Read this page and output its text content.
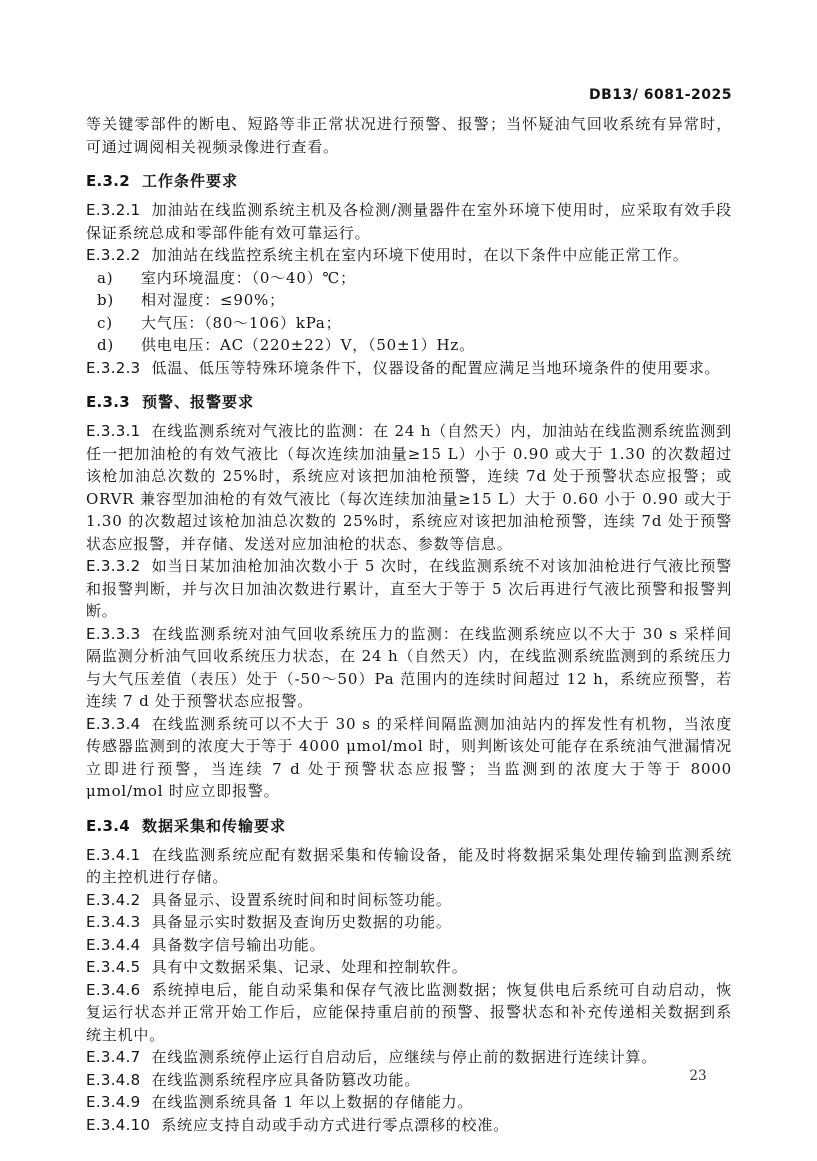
DB13/ 6081-2025

等关键零部件的断电、短路等非正常状况进行预警、报警；当怀疑油气回收系统有异常时，可通过调阅相关视频录像进行查看。

E.3.2 工作条件要求

E.3.2.1 加油站在线监测系统主机及各检测/测量器件在室外环境下使用时，应采取有效手段保证系统总成和零部件能有效可靠运行。

E.3.2.2 加油站在线监控系统主机在室内环境下使用时，在以下条件中应能正常工作。

a)	室内环境温度：（0～40）℃；
b)	相对湿度：≤90%；
c)	大气压：（80～106）kPa；
d)	供电电压：AC（220±22）V，（50±1）Hz。

E.3.2.3 低温、低压等特殊环境条件下，仪器设备的配置应满足当地环境条件的使用要求。

E.3.3 预警、报警要求

E.3.3.1 在线监测系统对气液比的监测：在 24 h（自然天）内，加油站在线监测系统监测到任一把加油枪的有效气液比（每次连续加油量≥15 L）小于 0.90 或大于 1.30 的次数超过该枪加油总次数的 25%时，系统应对该把加油枪预警，连续 7d 处于预警状态应报警；或 ORVR 兼容型加油枪的有效气液比（每次连续加油量≥15 L）大于 0.60 小于 0.90 或大于 1.30 的次数超过该枪加油总次数的 25%时，系统应对该把加油枪预警，连续 7d 处于预警状态应报警，并存储、发送对应加油枪的状态、参数等信息。

E.3.3.2 如当日某加油枪加油次数小于 5 次时，在线监测系统不对该加油枪进行气液比预警和报警判断，并与次日加油次数进行累计，直至大于等于 5 次后再进行气液比预警和报警判断。

E.3.3.3 在线监测系统对油气回收系统压力的监测：在线监测系统应以不大于 30 s 采样间隔监测分析油气回收系统压力状态，在 24 h（自然天）内，在线监测系统监测到的系统压力与大气压差值（表压）处于（-50～50）Pa 范围内的连续时间超过 12 h，系统应预警，若连续 7 d 处于预警状态应报警。

E.3.3.4 在线监测系统可以不大于 30 s 的采样间隔监测加油站内的挥发性有机物，当浓度传感器监测到的浓度大于等于 4000 μmol/mol 时，则判断该处可能存在系统油气泄漏情况立即进行预警，当连续 7 d 处于预警状态应报警；当监测到的浓度大于等于 8000 μmol/mol 时应立即报警。

E.3.4 数据采集和传输要求

E.3.4.1 在线监测系统应配有数据采集和传输设备，能及时将数据采集处理传输到监测系统的主控机进行存储。

E.3.4.2 具备显示、设置系统时间和时间标签功能。

E.3.4.3 具备显示实时数据及查询历史数据的功能。

E.3.4.4 具备数字信号输出功能。

E.3.4.5 具有中文数据采集、记录、处理和控制软件。

E.3.4.6 系统掉电后，能自动采集和保存气液比监测数据；恢复供电后系统可自动启动，恢复运行状态并正常开始工作后，应能保持重启前的预警、报警状态和补充传递相关数据到系统主机中。

E.3.4.7 在线监测系统停止运行自启动后，应继续与停止前的数据进行连续计算。

E.3.4.8 在线监测系统程序应具备防篡改功能。

E.3.4.9 在线监测系统具备 1 年以上数据的存储能力。

E.3.4.10 系统应支持自动或手动方式进行零点漂移的校准。

23
